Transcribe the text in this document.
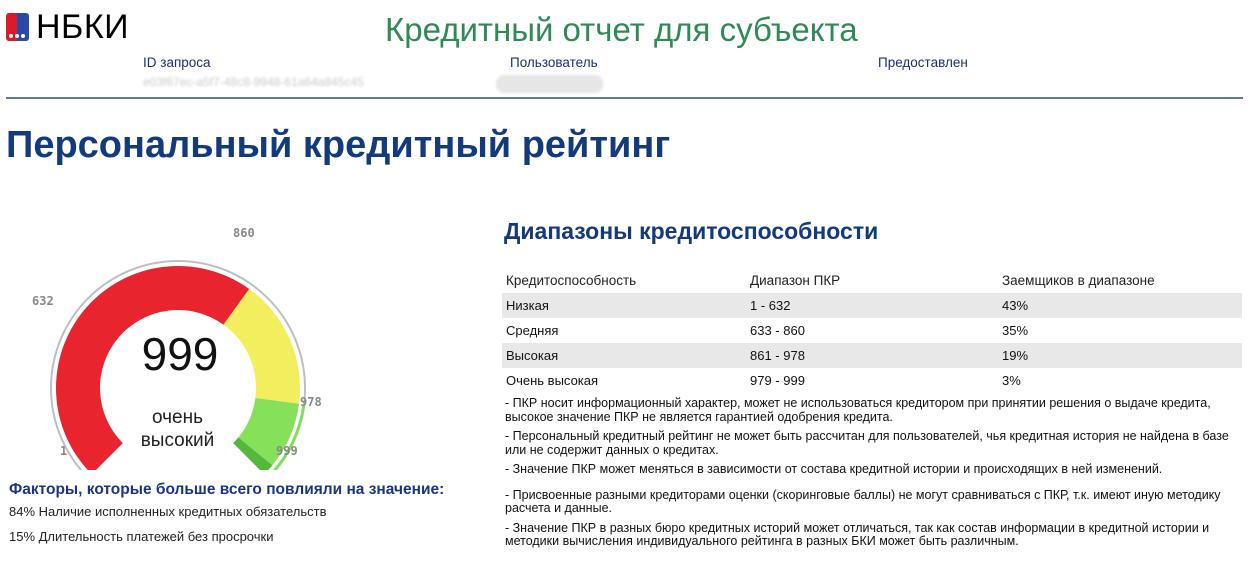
НБКИ	Кредитный отчет для субъекта
ID запроса
e03f67ec-a5f7-48c8-9948-61a64a845c45
Пользователь
	Предоставлен

Персональный кредитный рейтинг
1
632
860
978
999
999
очень
высокий
Факторы, которые больше всего повлияли на значение:
84% Наличие исполненных кредитных обязательств
15% Длительность платежей без просрочки
Диапазоны кредитоспособности
Кредитоспособность	Диапазон ПКР	Заемщиков в диапазоне
Низкая	1 - 632	43%
Средняя	633 - 860	35%
Высокая	861 - 978	19%
Очень высокая	979 - 999	3%

- ПКР носит информационный характер, может не использоваться кредитором при принятии решения о выдаче кредита, высокое значение ПКР не является гарантией одобрения кредита.

- Персональный кредитный рейтинг не может быть рассчитан для пользователей, чья кредитная история не найдена в базе или не содержит данных о кредитах.

- Значение ПКР может меняться в зависимости от состава кредитной истории и происходящих в ней изменений.

- Присвоенные разными кредиторами оценки (скоринговые баллы) не могут сравниваться с ПКР, т.к. имеют иную методику расчета и данные.

- Значение ПКР в разных бюро кредитных историй может отличаться, так как состав информации в кредитной истории и методики вычисления индивидуального рейтинга в разных БКИ может быть различным.
